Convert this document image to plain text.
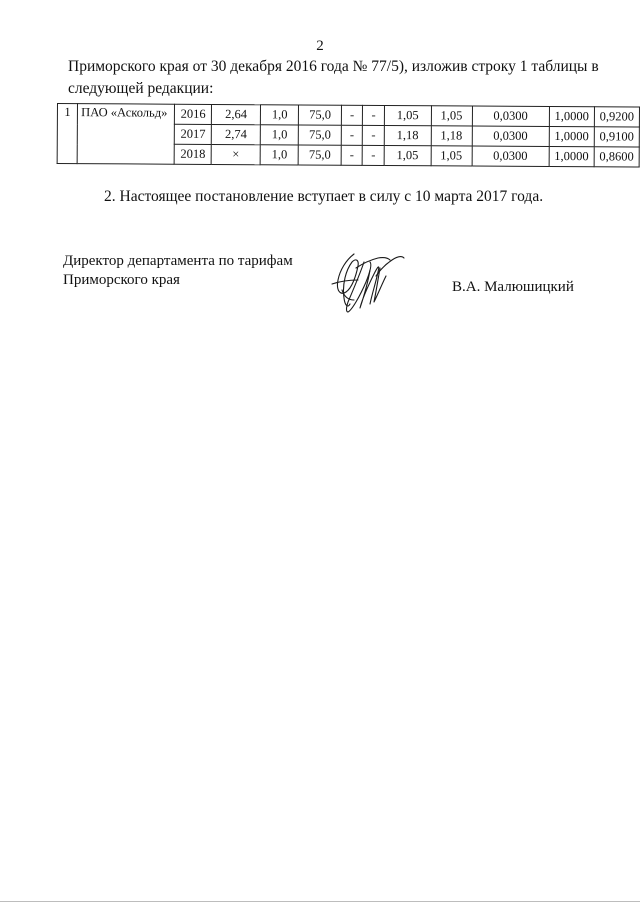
2

Приморского края от 30 декабря 2016 года № 77/5), изложив строку 1 таблицы в

следующей редакции:

1	ПАО «Аскольд»	2016	2,64	1,0	75,0	-	-	1,05	1,05	0,0300	1,0000	0,9200
		2017	2,74	1,0	75,0	-	-	1,18	1,18	0,0300	1,0000	0,9100
		2018	×	1,0	75,0	-	-	1,05	1,05	0,0300	1,0000	0,8600
2. Настоящее постановление вступает в силу с 10 марта 2017 года.
Директор департамента по тарифам
Приморского края	В.А. Малюшицкий
